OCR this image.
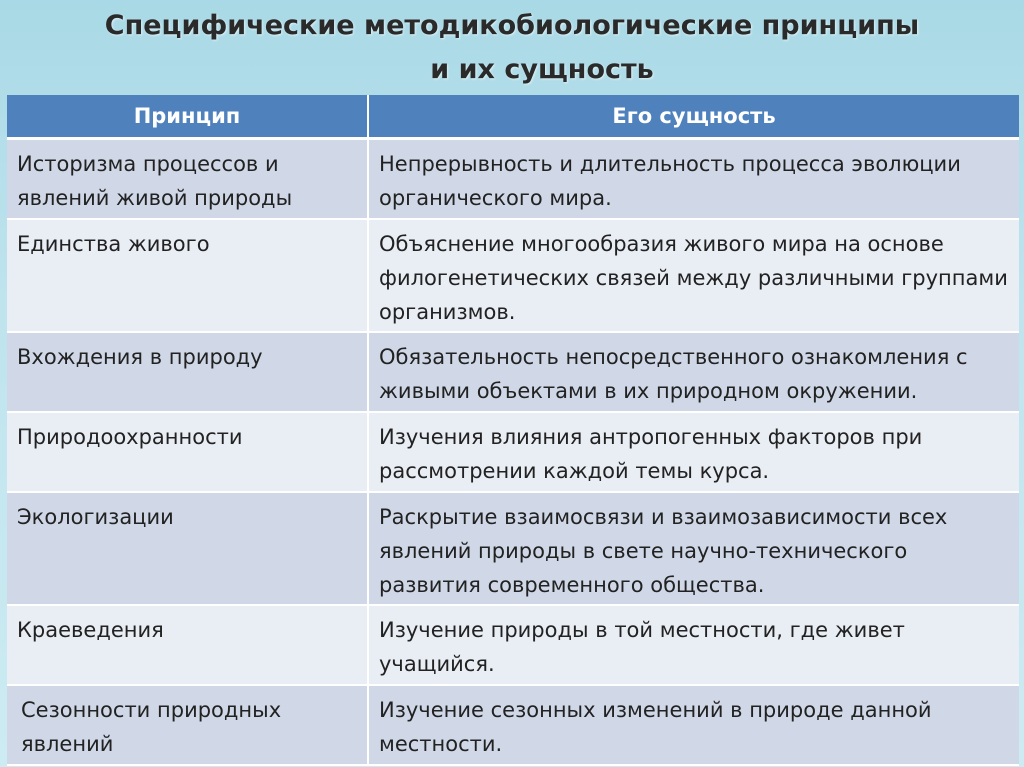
Специфические методикобиологические принципы
и их сущность
Принцип	Его сущность
Историзма процессов и явлений живой природы	Непрерывность и длительность процесса эволюции органического мира.
Единства живого	Объяснение многообразия живого мира на основе филогенетических связей между различными группами организмов.
Вхождения в природу	Обязательность непосредственного ознакомления с живыми объектами в их природном окружении.
Природоохранности	Изучения влияния антропогенных факторов при рассмотрении каждой темы курса.
Экологизации	Раскрытие взаимосвязи и взаимозависимости всех явлений природы в свете научно-технического развития современного общества.
Краеведения	Изучение природы в той местности, где живет учащийся.
Сезонности природных явлений	Изучение сезонных изменений в природе данной местности.
